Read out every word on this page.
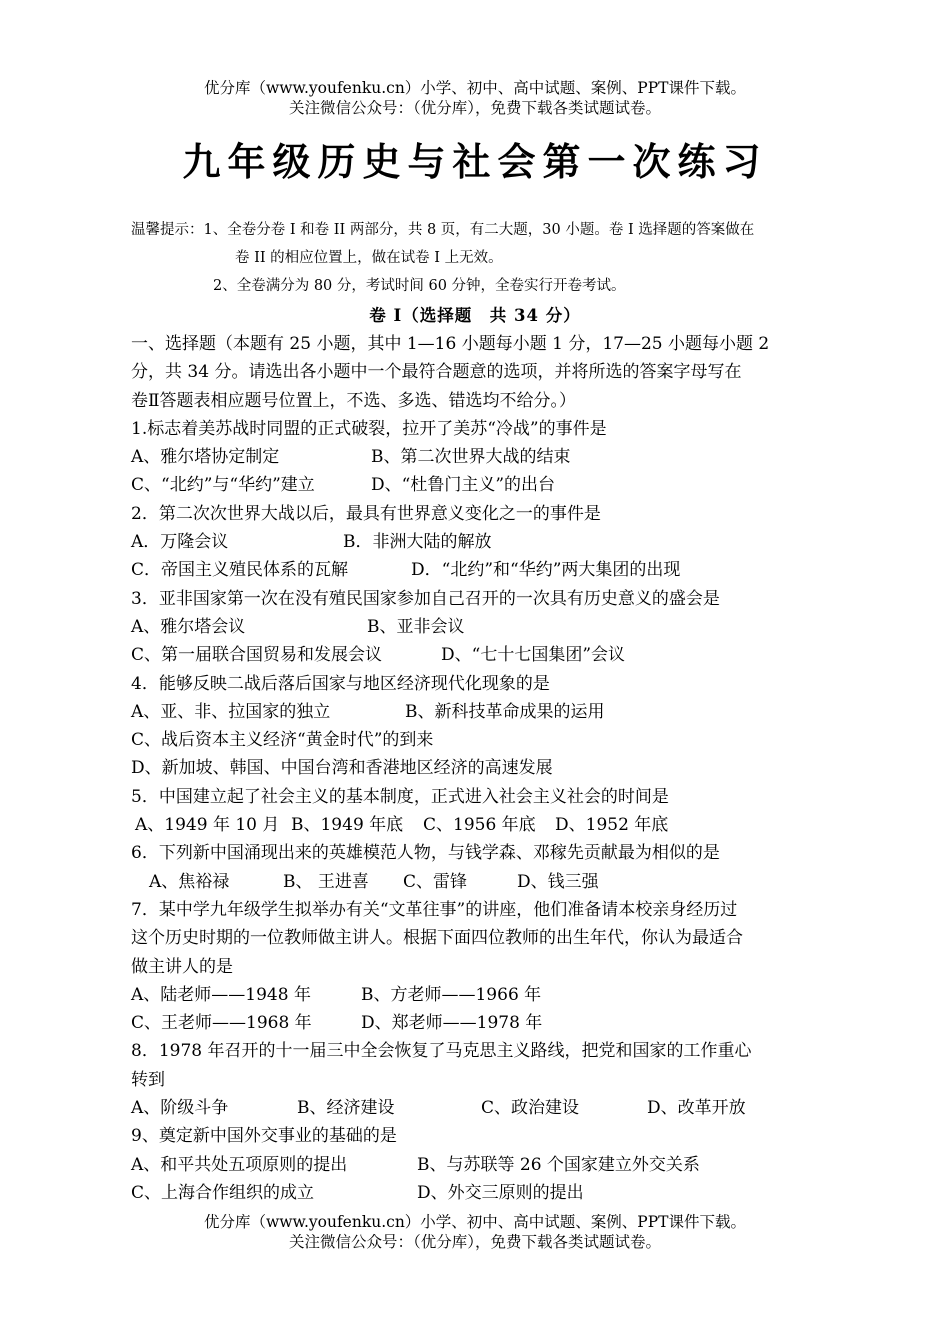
优分库（www.youfenku.cn）小学、初中、高中试题、案例、PPT课件下载。
关注微信公众号：（优分库），免费下载各类试题试卷。
九年级历史与社会第一次练习
温馨提示：1、全卷分卷 I 和卷 II 两部分，共 8 页，有二大题，30 小题。卷 I 选择题的答案做在
卷 II 的相应位置上，做在试卷 I 上无效。
2、全卷满分为 80 分，考试时间 60 分钟，全卷实行开卷考试。
卷 Ⅰ（选择题　共 34 分）
一、选择题（本题有 25 小题，其中 1—16 小题每小题 1 分，17—25 小题每小题 2
分，共 34 分。请选出各小题中一个最符合题意的选项，并将所选的答案字母写在
卷Ⅱ答题表相应题号位置上，不选、多选、错选均不给分。）
1.标志着美苏战时同盟的正式破裂，拉开了美苏“冷战”的事件是
A、雅尔塔协定制定	B、第二次世界大战的结束
C、“北约”与“华约”建立	D、“杜鲁门主义”的出台
2．第二次次世界大战以后，最具有世界意义变化之一的事件是
A．万隆会议	B．非洲大陆的解放
C．帝国主义殖民体系的瓦解	D．“北约”和“华约”两大集团的出现
3．亚非国家第一次在没有殖民国家参加自己召开的一次具有历史意义的盛会是
A、雅尔塔会议	B、亚非会议
C、第一届联合国贸易和发展会议	D、“七十七国集团”会议
4．能够反映二战后落后国家与地区经济现代化现象的是
A、亚、非、拉国家的独立	B、新科技革命成果的运用
C、战后资本主义经济“黄金时代”的到来
D、新加坡、韩国、中国台湾和香港地区经济的高速发展
5．中国建立起了社会主义的基本制度，正式进入社会主义社会的时间是
A、1949 年 10 月 B、1949 年底 C、1956 年底 D、1952 年底
6．下列新中国涌现出来的英雄模范人物，与钱学森、邓稼先贡献最为相似的是
A、焦裕禄	B、 王进喜 C、雷锋	D、钱三强
7．某中学九年级学生拟举办有关“文革往事”的讲座，他们准备请本校亲身经历过
这个历史时期的一位教师做主讲人。根据下面四位教师的出生年代，你认为最适合
做主讲人的是
A、陆老师——1948 年	B、方老师——1966 年
C、王老师——1968 年	D、郑老师——1978 年
8．1978 年召开的十一届三中全会恢复了马克思主义路线，把党和国家的工作重心
转到
A、阶级斗争	B、经济建设	C、政治建设	D、改革开放
9、奠定新中国外交事业的基础的是
A、和平共处五项原则的提出	B、与苏联等 26 个国家建立外交关系
C、上海合作组织的成立	D、外交三原则的提出
优分库（www.youfenku.cn）小学、初中、高中试题、案例、PPT课件下载。
关注微信公众号：（优分库），免费下载各类试题试卷。
